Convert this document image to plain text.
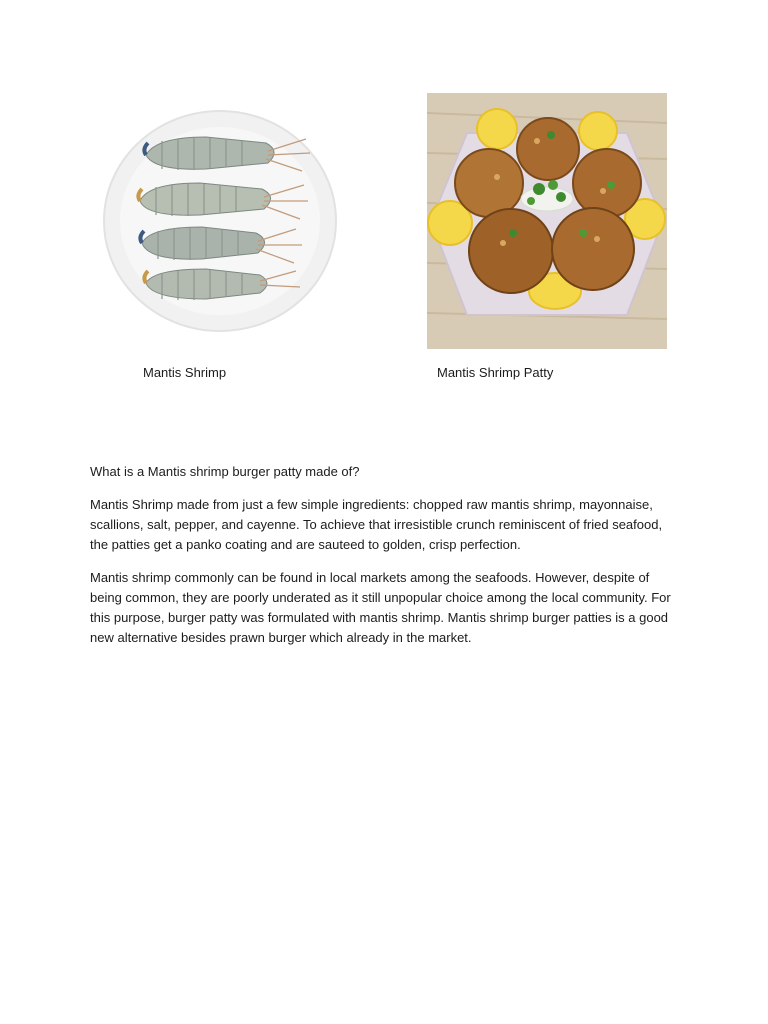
Mantis Shrimp	Mantis Shrimp Patty

What is a Mantis shrimp burger patty made of?

Mantis Shrimp made from just a few simple ingredients: chopped raw mantis shrimp, mayonnaise, scallions, salt, pepper, and cayenne. To achieve that irresistible crunch reminiscent of fried seafood, the patties get a panko coating and are sauteed to golden, crisp perfection.

Mantis shrimp commonly can be found in local markets among the seafoods. However, despite of being common, they are poorly underated as it still unpopular choice among the local community. For this purpose, burger patty was formulated with mantis shrimp. Mantis shrimp burger patties is a good new alternative besides prawn burger which already in the market.
